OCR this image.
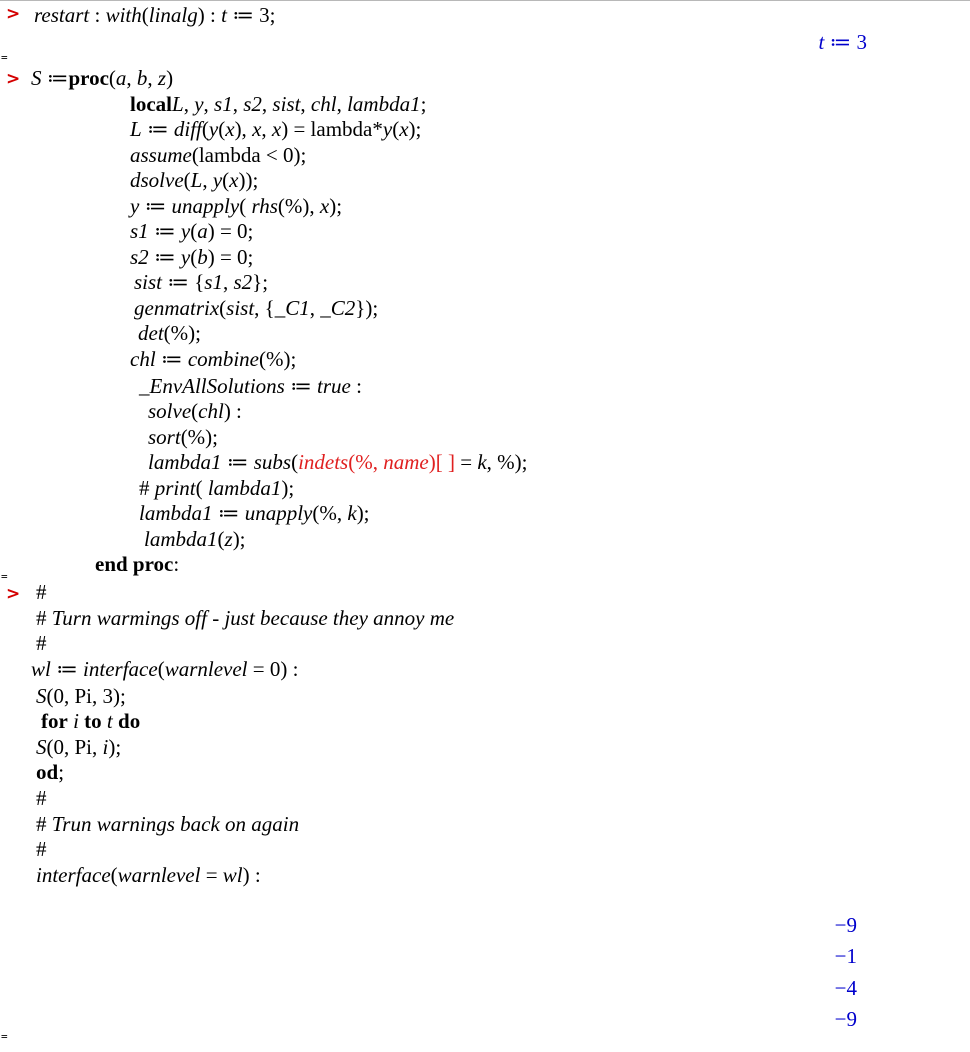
> restart : with(linalg) : t ≔ 3;
t ≔ 3
=
> S ≔proc(a, b, z)
localL, y, s1, s2, sist, chl, lambda1;
L ≔ diff(y(x), x, x) = lambda*y(x);
assume(lambda < 0);
dsolve(L, y(x));
y ≔ unapply( rhs(%), x);
s1 ≔ y(a) = 0;
s2 ≔ y(b) = 0;
sist ≔ {s1, s2};
genmatrix(sist, {_C1, _C2});
det(%);
chl ≔ combine(%);
_EnvAllSolutions ≔ true :
solve(chl) :
sort(%);
lambda1 ≔ subs(indets(%, name)[ ] = k, %);
# print( lambda1);
lambda1 ≔ unapply(%, k);
lambda1(z);
end proc:
=
> #
# Turn warmings off - just because they annoy me
#
wl ≔ interface(warnlevel = 0) :
S(0, Pi, 3);
for i to t do
S(0, Pi, i);
od;
#
# Trun warnings back on again
#
interface(warnlevel = wl) :
−9
−1
−4
−9
=
